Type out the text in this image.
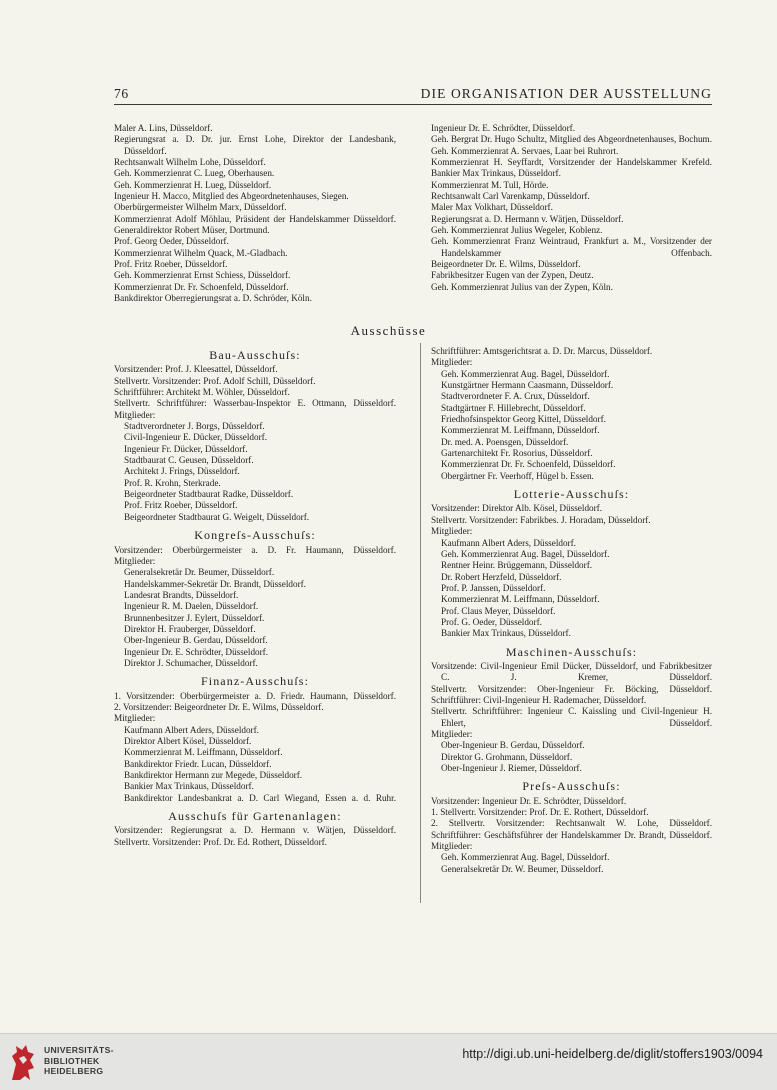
76	DIE ORGANISATION DER AUSSTELLUNG

Maler A. Lins, Düsseldorf.

Regierungsrat a. D. Dr. jur. Ernst Lohe, Direktor der Landesbank, Düsseldorf.

Rechtsanwalt Wilhelm Lohe, Düsseldorf.

Geh. Kommerzienrat C. Lueg, Oberhausen.

Geh. Kommerzienrat H. Lueg, Düsseldorf.

Ingenieur H. Macco, Mitglied des Abgeordnetenhauses, Siegen.

Oberbürgermeister Wilhelm Marx, Düsseldorf.

Kommerzienrat Adolf Möhlau, Präsident der Handelskammer Düsseldorf.

Generaldirektor Robert Müser, Dortmund.

Prof. Georg Oeder, Düsseldorf.

Kommerzienrat Wilhelm Quack, M.-Gladbach.

Prof. Fritz Roeber, Düsseldorf.

Geh. Kommerzienrat Ernst Schiess, Düsseldorf.

Kommerzienrat Dr. Fr. Schoenfeld, Düsseldorf.

Bankdirektor Oberregierungsrat a. D. Schröder, Köln.

Ingenieur Dr. E. Schrödter, Düsseldorf.

Geh. Bergrat Dr. Hugo Schultz, Mitglied des Abgeordnetenhauses, Bochum.

Geh. Kommerzienrat A. Servaes, Laar bei Ruhrort.

Kommerzienrat H. Seyffardt, Vorsitzender der Handelskammer Krefeld.

Bankier Max Trinkaus, Düsseldorf.

Kommerzienrat M. Tull, Hörde.

Rechtsanwalt Carl Varenkamp, Düsseldorf.

Maler Max Volkhart, Düsseldorf.

Regierungsrat a. D. Hermann v. Wätjen, Düsseldorf.

Geh. Kommerzienrat Julius Wegeler, Koblenz.

Geh. Kommerzienrat Franz Weintraud, Frankfurt a. M., Vorsitzender der Handelskammer Offenbach.

Beigeordneter Dr. E. Wilms, Düsseldorf.

Fabrikbesitzer Eugen van der Zypen, Deutz.

Geh. Kommerzienrat Julius van der Zypen, Köln.

Ausschüsse

Bau-Ausschuſs:

Vorsitzender: Prof. J. Kleesattel, Düsseldorf.

Stellvertr. Vorsitzender: Prof. Adolf Schill, Düsseldorf.

Schriftführer: Architekt M. Wöhler, Düsseldorf.

Stellvertr. Schriftführer: Wasserbau-Inspektor E. Ottmann, Düsseldorf.

Mitglieder:

Stadtverordneter J. Borgs, Düsseldorf.

Civil-Ingenieur E. Dücker, Düsseldorf.

Ingenieur Fr. Dücker, Düsseldorf.

Stadtbaurat C. Geusen, Düsseldorf.

Architekt J. Frings, Düsseldorf.

Prof. R. Krohn, Sterkrade.

Beigeordneter Stadtbaurat Radke, Düsseldorf.

Prof. Fritz Roeber, Düsseldorf.

Beigeordneter Stadtbaurat G. Weigelt, Düsseldorf.

Kongreſs-Ausschuſs:

Vorsitzender: Oberbürgermeister a. D. Fr. Haumann, Düsseldorf.

Mitglieder:

Generalsekretär Dr. Beumer, Düsseldorf.

Handelskammer-Sekretär Dr. Brandt, Düsseldorf.

Landesrat Brandts, Düsseldorf.

Ingenieur R. M. Daelen, Düsseldorf.

Brunnenbesitzer J. Eylert, Düsseldorf.

Direktor H. Frauberger, Düsseldorf.

Ober-Ingenieur B. Gerdau, Düsseldorf.

Ingenieur Dr. E. Schrödter, Düsseldorf.

Direktor J. Schumacher, Düsseldorf.

Finanz-Ausschuſs:

1. Vorsitzender: Oberbürgermeister a. D. Friedr. Haumann, Düsseldorf.

2. Vorsitzender: Beigeordneter Dr. E. Wilms, Düsseldorf.

Mitglieder:

Kaufmann Albert Aders, Düsseldorf.

Direktor Albert Kösel, Düsseldorf.

Kommerzienrat M. Leiffmann, Düsseldorf.

Bankdirektor Friedr. Lucan, Düsseldorf.

Bankdirektor Hermann zur Megede, Düsseldorf.

Bankier Max Trinkaus, Düsseldorf.

Bankdirektor Landesbankrat a. D. Carl Wiegand, Essen a. d. Ruhr.

Ausschuſs für Gartenanlagen:

Vorsitzender: Regierungsrat a. D. Hermann v. Wätjen, Düsseldorf.

Stellvertr. Vorsitzender: Prof. Dr. Ed. Rothert, Düsseldorf.

Schriftführer: Amtsgerichtsrat a. D. Dr. Marcus, Düsseldorf.

Mitglieder:

Geh. Kommerzienrat Aug. Bagel, Düsseldorf.

Kunstgärtner Hermann Caasmann, Düsseldorf.

Stadtverordneter F. A. Crux, Düsseldorf.

Stadtgärtner F. Hillebrecht, Düsseldorf.

Friedhofsinspektor Georg Kittel, Düsseldorf.

Kommerzienrat M. Leiffmann, Düsseldorf.

Dr. med. A. Poensgen, Düsseldorf.

Gartenarchitekt Fr. Rosorius, Düsseldorf.

Kommerzienrat Dr. Fr. Schoenfeld, Düsseldorf.

Obergärtner Fr. Veerhoff, Hügel b. Essen.

Lotterie-Ausschuſs:

Vorsitzender: Direktor Alb. Kösel, Düsseldorf.

Stellvertr. Vorsitzender: Fabrikbes. J. Horadam, Düsseldorf.

Mitglieder:

Kaufmann Albert Aders, Düsseldorf.

Geh. Kommerzienrat Aug. Bagel, Düsseldorf.

Rentner Heinr. Brüggemann, Düsseldorf.

Dr. Robert Herzfeld, Düsseldorf.

Prof. P. Janssen, Düsseldorf.

Kommerzienrat M. Leiffmann, Düsseldorf.

Prof. Claus Meyer, Düsseldorf.

Prof. G. Oeder, Düsseldorf.

Bankier Max Trinkaus, Düsseldorf.

Maschinen-Ausschuſs:

Vorsitzende: Civil-Ingenieur Emil Dücker, Düsseldorf, und Fabrikbesitzer C. J. Kremer, Düsseldorf.

Stellvertr. Vorsitzender: Ober-Ingenieur Fr. Böcking, Düsseldorf.

Schriftführer: Civil-Ingenieur H. Rademacher, Düsseldorf.

Stellvertr. Schriftführer: Ingenieur C. Kaissling und Civil-Ingenieur H. Ehlert, Düsseldorf.

Mitglieder:

Ober-Ingenieur B. Gerdau, Düsseldorf.

Direktor G. Grohmann, Düsseldorf.

Ober-Ingenieur J. Riemer, Düsseldorf.

Preſs-Ausschuſs:

Vorsitzender: Ingenieur Dr. E. Schrödter, Düsseldorf.

1. Stellvertr. Vorsitzender: Prof. Dr. E. Rothert, Düsseldorf.

2. Stellvertr. Vorsitzender: Rechtsanwalt W. Lohe, Düsseldorf.

Schriftführer: Geschäftsführer der Handelskammer Dr. Brandt, Düsseldorf.

Mitglieder:

Geh. Kommerzienrat Aug. Bagel, Düsseldorf.

Generalsekretär Dr. W. Beumer, Düsseldorf.

UNIVERSITÄTS-
BIBLIOTHEK
HEIDELBERG
http://digi.ub.uni-heidelberg.de/diglit/stoffers1903/0094
